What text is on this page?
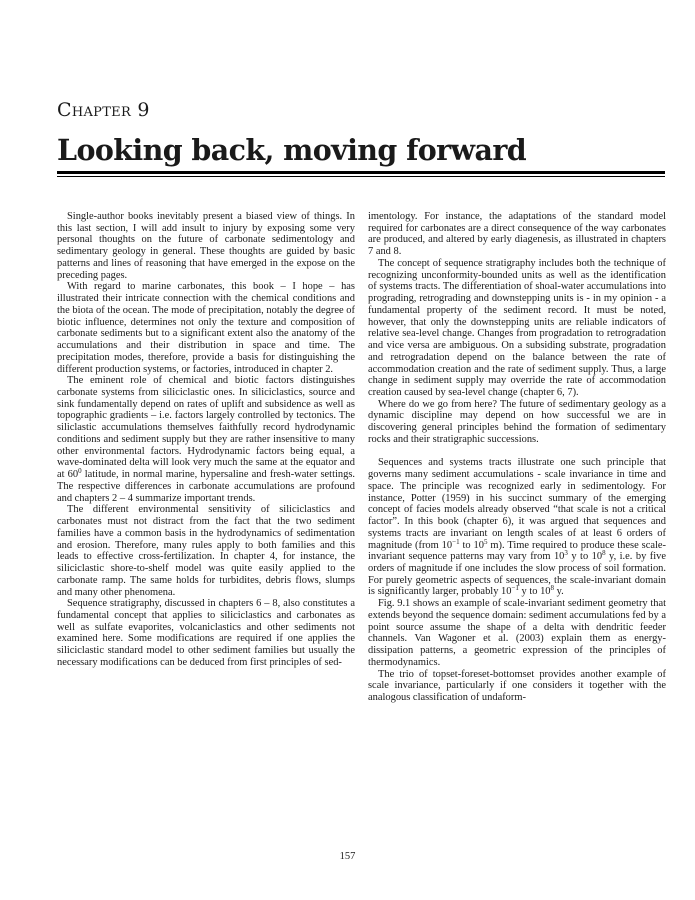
Chapter 9
Looking back, moving forward

Single-author books inevitably present a biased view of things. In this last section, I will add insult to injury by exposing some very personal thoughts on the future of carbonate sedimentology and sedimentary geology in general. These thoughts are guided by basic patterns and lines of reasoning that have emerged in the expose on the preceding pages.

With regard to marine carbonates, this book – I hope – has illustrated their intricate connection with the chemical conditions and the biota of the ocean. The mode of precipitation, notably the degree of biotic influence, determines not only the texture and composition of carbonate sediments but to a significant extent also the anatomy of the accumulations and their distribution in space and time. The precipitation modes, therefore, provide a basis for distinguishing the different production systems, or factories, introduced in chapter 2.

The eminent role of chemical and biotic factors distinguishes carbonate systems from siliciclastic ones. In siliciclastics, source and sink fundamentally depend on rates of uplift and subsidence as well as topographic gradients – i.e. factors largely controlled by tectonics. The siliclastic accumulations themselves faithfully record hydrodynamic conditions and sediment supply but they are rather insensitive to many other environmental factors. Hydrodynamic factors being equal, a wave-dominated delta will look very much the same at the equator and at $60^0$ latitude, in normal marine, hypersaline and fresh-water settings. The respective differences in carbonate accumulations are profound and chapters 2 – 4 summarize important trends.

The different environmental sensitivity of siliciclastics and carbonates must not distract from the fact that the two sediment families have a common basis in the hydrodynamics of sedimentation and erosion. Therefore, many rules apply to both families and this leads to effective cross-fertilization. In chapter 4, for instance, the siliciclastic shore-to-shelf model was quite easily applied to the carbonate ramp. The same holds for turbidites, debris flows, slumps and many other phenomena.

Sequence stratigraphy, discussed in chapters 6 – 8, also constitutes a fundamental concept that applies to siliciclastics and carbonates as well as sulfate evaporites, volcaniclastics and other sediments not examined here. Some modifications are required if one applies the siliciclastic standard model to other sediment families but usually the necessary modifications can be deduced from first principles of sed-

imentology. For instance, the adaptations of the standard model required for carbonates are a direct consequence of the way carbonates are produced, and altered by early diagenesis, as illustrated in chapters 7 and 8.

The concept of sequence stratigraphy includes both the technique of recognizing unconformity-bounded units as well as the identification of systems tracts. The differentiation of shoal-water accumulations into prograding, retrograding and downstepping units is - in my opinion - a fundamental property of the sediment record. It must be noted, however, that only the downstepping units are reliable indicators of relative sea-level change. Changes from progradation to retrogradation and vice versa are ambiguous. On a subsiding substrate, progradation and retrogradation depend on the balance between the rate of accommodation creation and the rate of sediment supply. Thus, a large change in sediment supply may override the rate of accommodation creation caused by sea-level change (chapter 6, 7).

Where do we go from here? The future of sedimentary geology as a dynamic discipline may depend on how successful we are in discovering general principles behind the formation of sedimentary rocks and their stratigraphic successions.

Sequences and systems tracts illustrate one such principle that governs many sediment accumulations - scale invariance in time and space. The principle was recognized early in sedimentology. For instance, Potter (1959) in his succinct summary of the emerging concept of facies models already observed “that scale is not a critical factor”. In this book (chapter 6), it was argued that sequences and systems tracts are invariant on length scales of at least 6 orders of magnitude (from $10^{-1}$ to $10^5$ m). Time required to produce these scale-invariant sequence patterns may vary from $10^3$ y to $10^8$ y, i.e. by five orders of magnitude if one includes the slow process of soil formation. For purely geometric aspects of sequences, the scale-invariant domain is significantly larger, probably $10^{-1}$ y to $10^8$ y.

Fig. 9.1 shows an example of scale-invariant sediment geometry that extends beyond the sequence domain: sediment accumulations fed by a point source assume the shape of a delta with dendritic feeder channels. Van Wagoner et al. (2003) explain them as energy-dissipation patterns, a geometric expression of the principles of thermodynamics.

The trio of topset-foreset-bottomset provides another example of scale invariance, particularly if one considers it together with the analogous classification of undaform-

157
